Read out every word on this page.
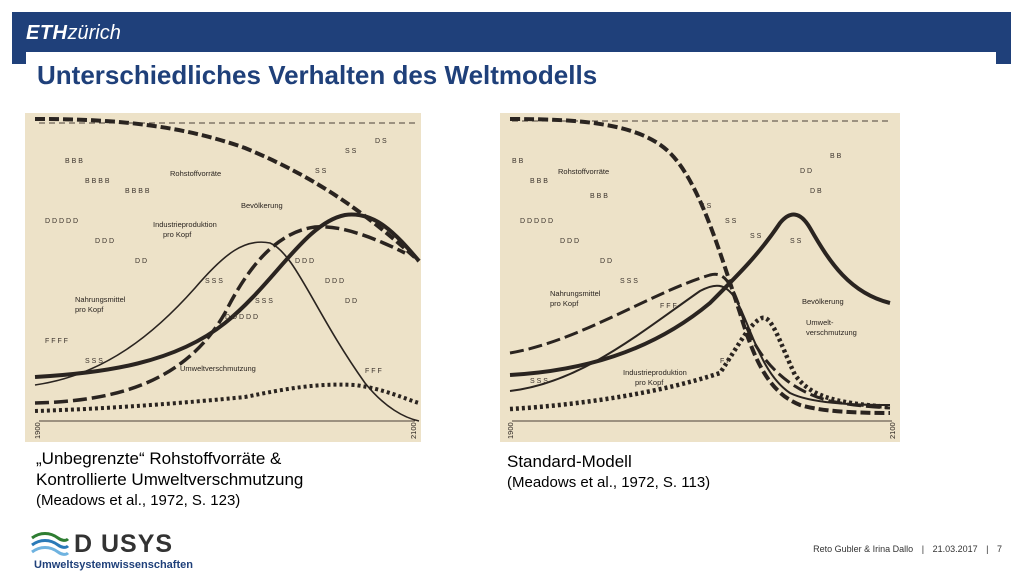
ETHzürich
Unterschiedliches Verhalten des Weltmodells
B B B
B B B B
B B B B
D D D D D
D D D
D D
S S S
S S S
D D D
D D D
D D
D D D D D
S S
S S
D S
F F F F
S S S
F F F
Rohstoffvorräte
Bevölkerung
Industrieproduktion
pro Kopf
Nahrungsmittel
pro Kopf
Umweltverschmutzung
1900	2100
B B
B B B
B B B
D D D D D
D D D
D D
S S
S S
S S
D D
B B
D B
S S
S S S
S S S
F F F
F F
Rohstoffvorräte
Nahrungsmittel
pro Kopf	Bevölkerung
Umwelt-
verschmutzung
Industrieproduktion
pro Kopf
1900	2100
„Unbegrenzte“ Rohstoffvorräte &
Kontrollierte Umweltverschmutzung
(Meadows et al., 1972, S. 123)
Standard-Modell
(Meadows et al., 1972, S. 113)
D USYS
Umweltsystemwissenschaften
Reto Gubler & Irina Dallo | 21.03.2017 | 7
